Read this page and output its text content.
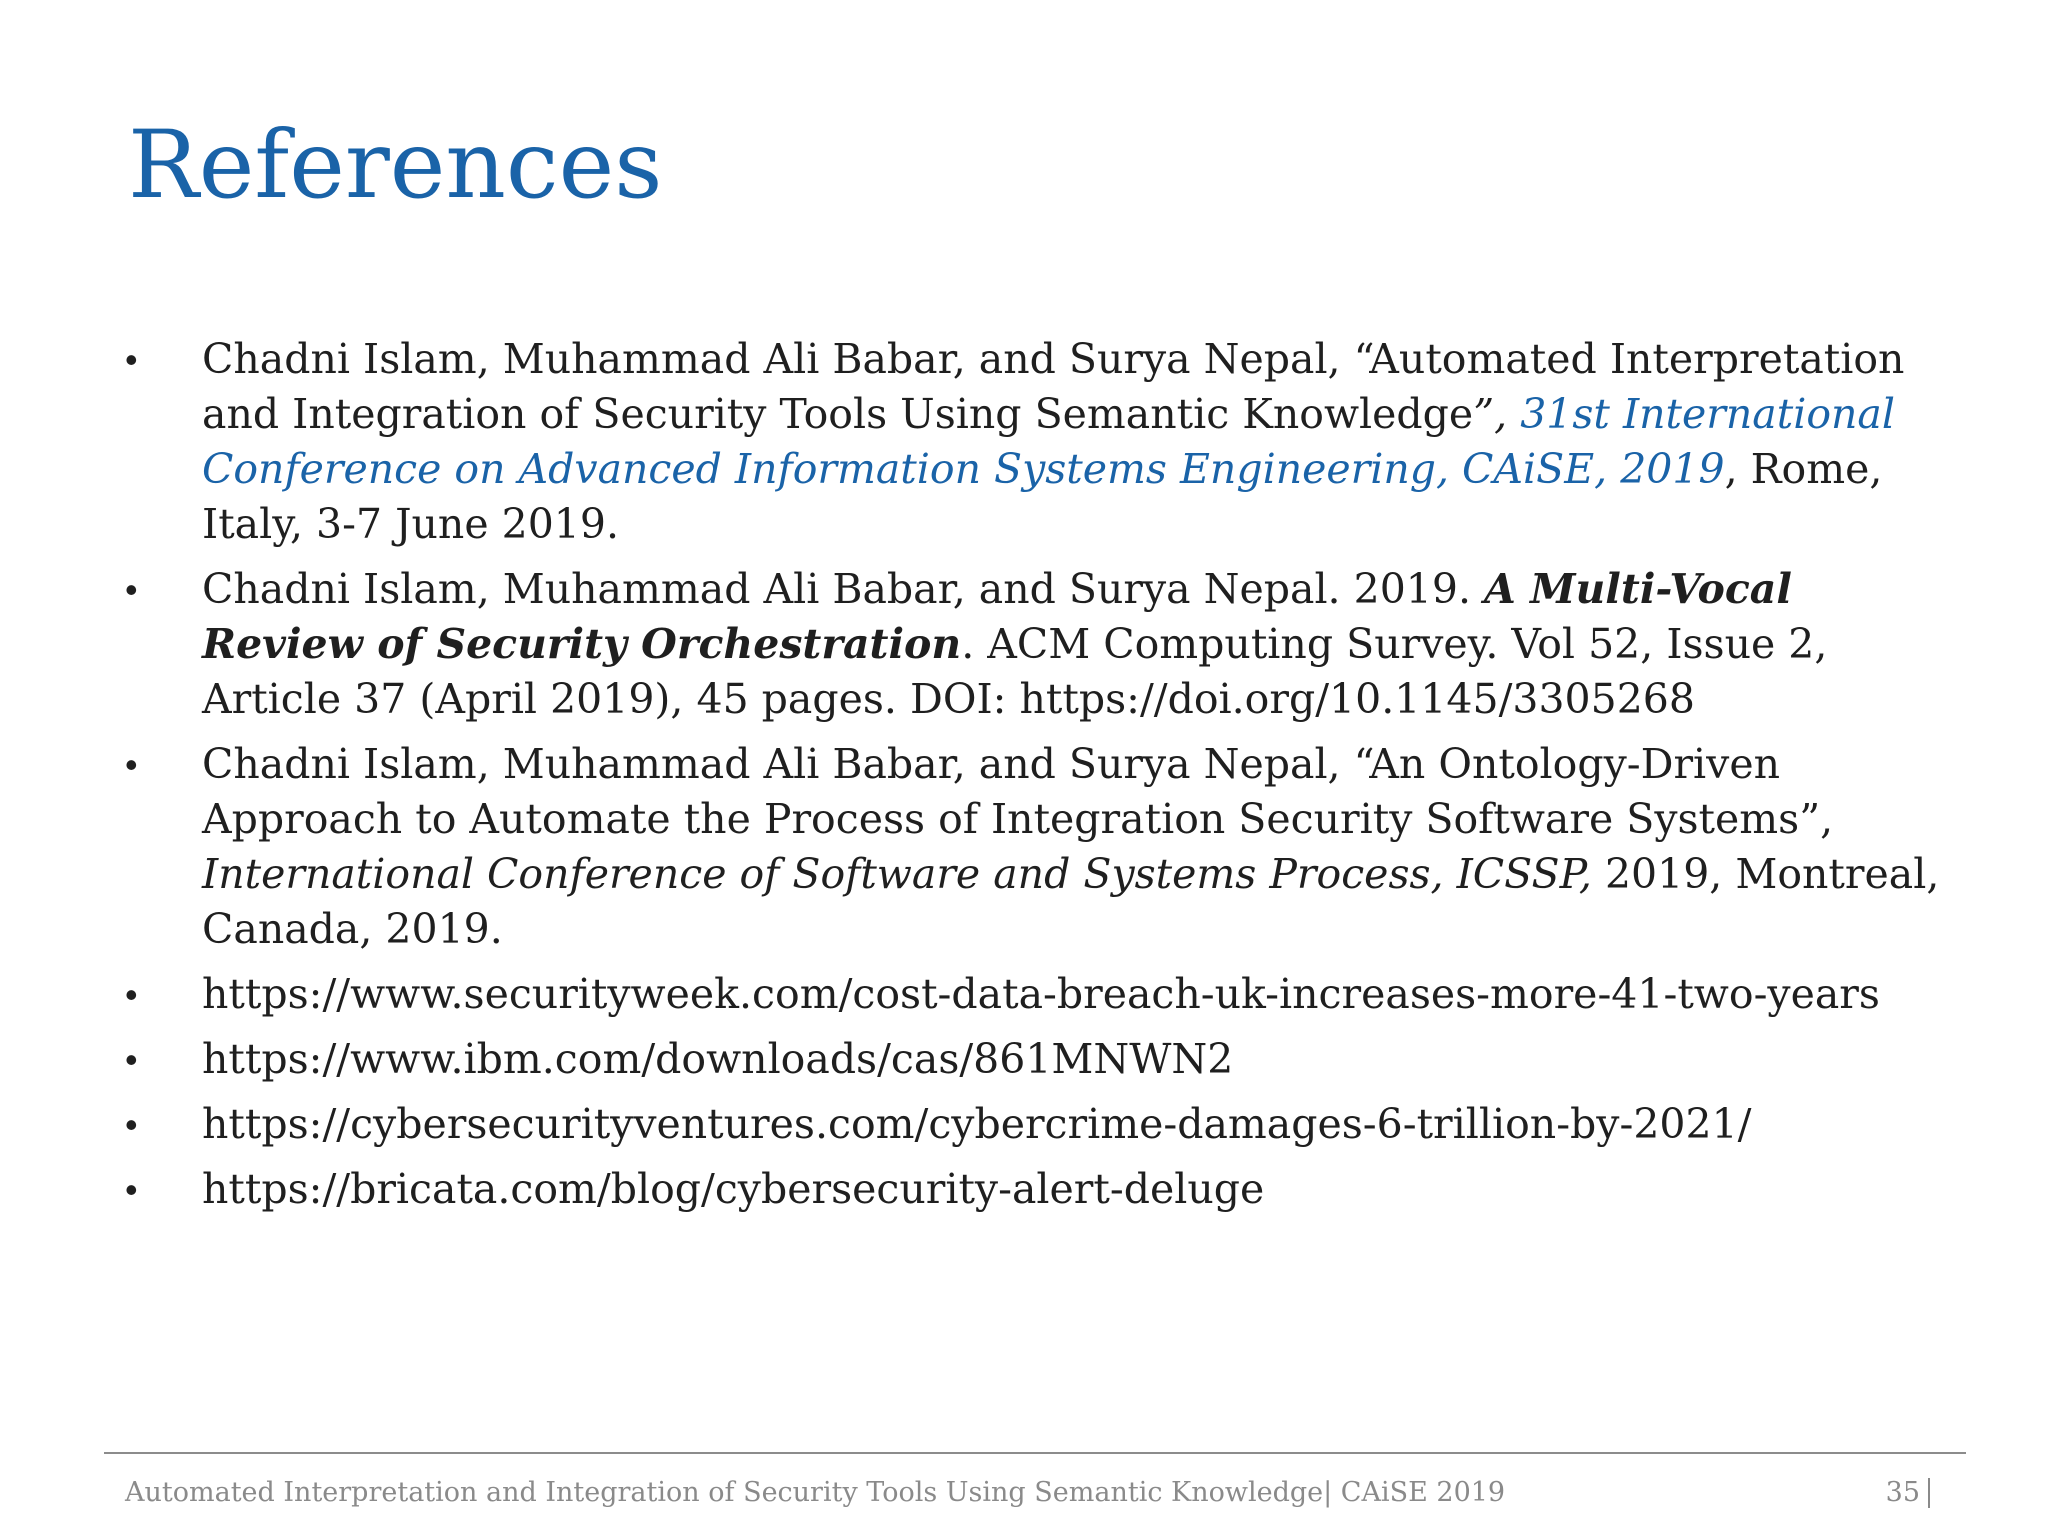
References
• Chadni Islam, Muhammad Ali Babar, and Surya Nepal, “Automated Interpretation and Integration of Security Tools Using Semantic Knowledge”, 31st International Conference on Advanced Information Systems Engineering, CAiSE, 2019, Rome, Italy, 3-7 June 2019.
• Chadni Islam, Muhammad Ali Babar, and Surya Nepal. 2019. A Multi-Vocal Review of Security Orchestration. ACM Computing Survey. Vol 52, Issue 2, Article 37 (April 2019), 45 pages. DOI: https://doi.org/10.1145/3305268
• Chadni Islam, Muhammad Ali Babar, and Surya Nepal, “An Ontology-Driven Approach to Automate the Process of Integration Security Software Systems”, International Conference of Software and Systems Process, ICSSP, 2019, Montreal, Canada, 2019.
• https://www.securityweek.com/cost-data-breach-uk-increases-more-41-two-years
• https://www.ibm.com/downloads/cas/861MNWN2
• https://cybersecurityventures.com/cybercrime-damages-6-trillion-by-2021/
• https://bricata.com/blog/cybersecurity-alert-deluge
Automated Interpretation and Integration of Security Tools Using Semantic Knowledge| CAiSE 2019	35
